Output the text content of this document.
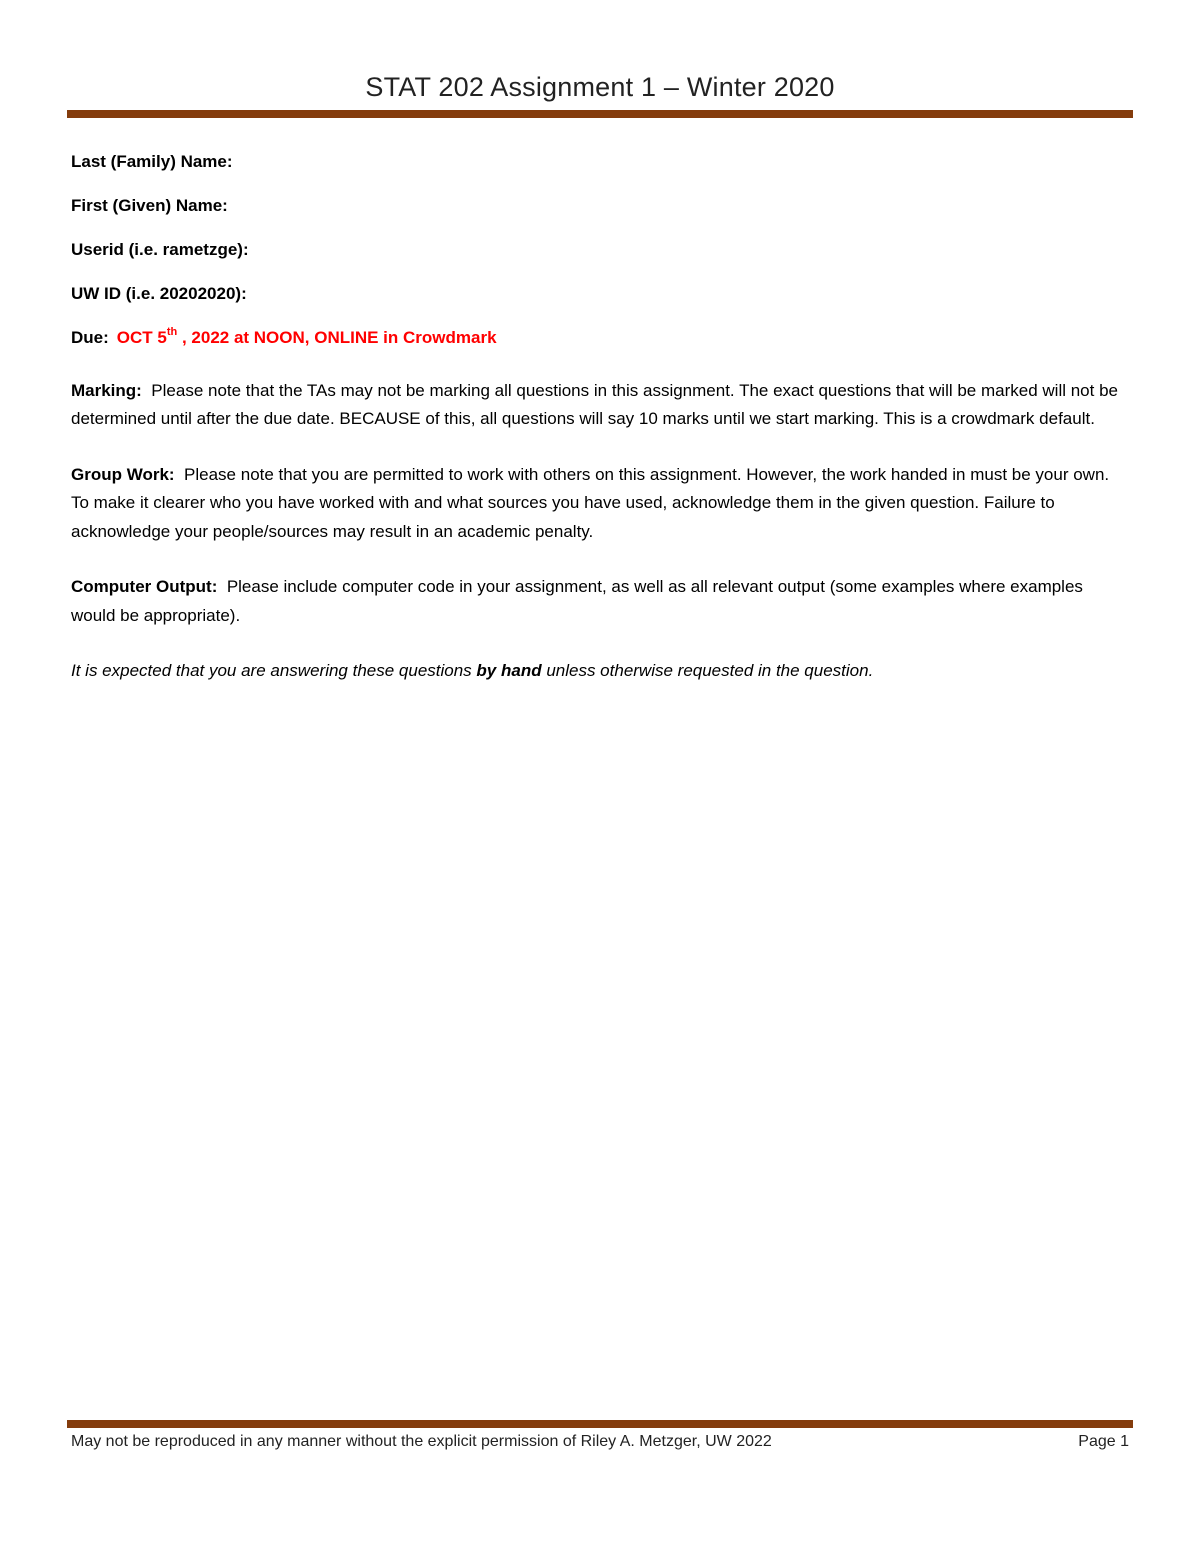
STAT 202 Assignment 1 – Winter 2020

Last (Family) Name:

First (Given) Name:

Userid (i.e. rametzge):

UW ID (i.e. 20202020):

Due: OCT 5th , 2022 at NOON, ONLINE in Crowdmark

Marking: Please note that the TAs may not be marking all questions in this assignment. The exact questions that will be marked will not be determined until after the due date. BECAUSE of this, all questions will say 10 marks until we start marking. This is a crowdmark default.

Group Work: Please note that you are permitted to work with others on this assignment. However, the work handed in must be your own. To make it clearer who you have worked with and what sources you have used, acknowledge them in the given question. Failure to acknowledge your people/sources may result in an academic penalty.

Computer Output: Please include computer code in your assignment, as well as all relevant output (some examples where examples would be appropriate).

It is expected that you are answering these questions by hand unless otherwise requested in the question.

May not be reproduced in any manner without the explicit permission of Riley A. Metzger, UW 2022	Page 1
